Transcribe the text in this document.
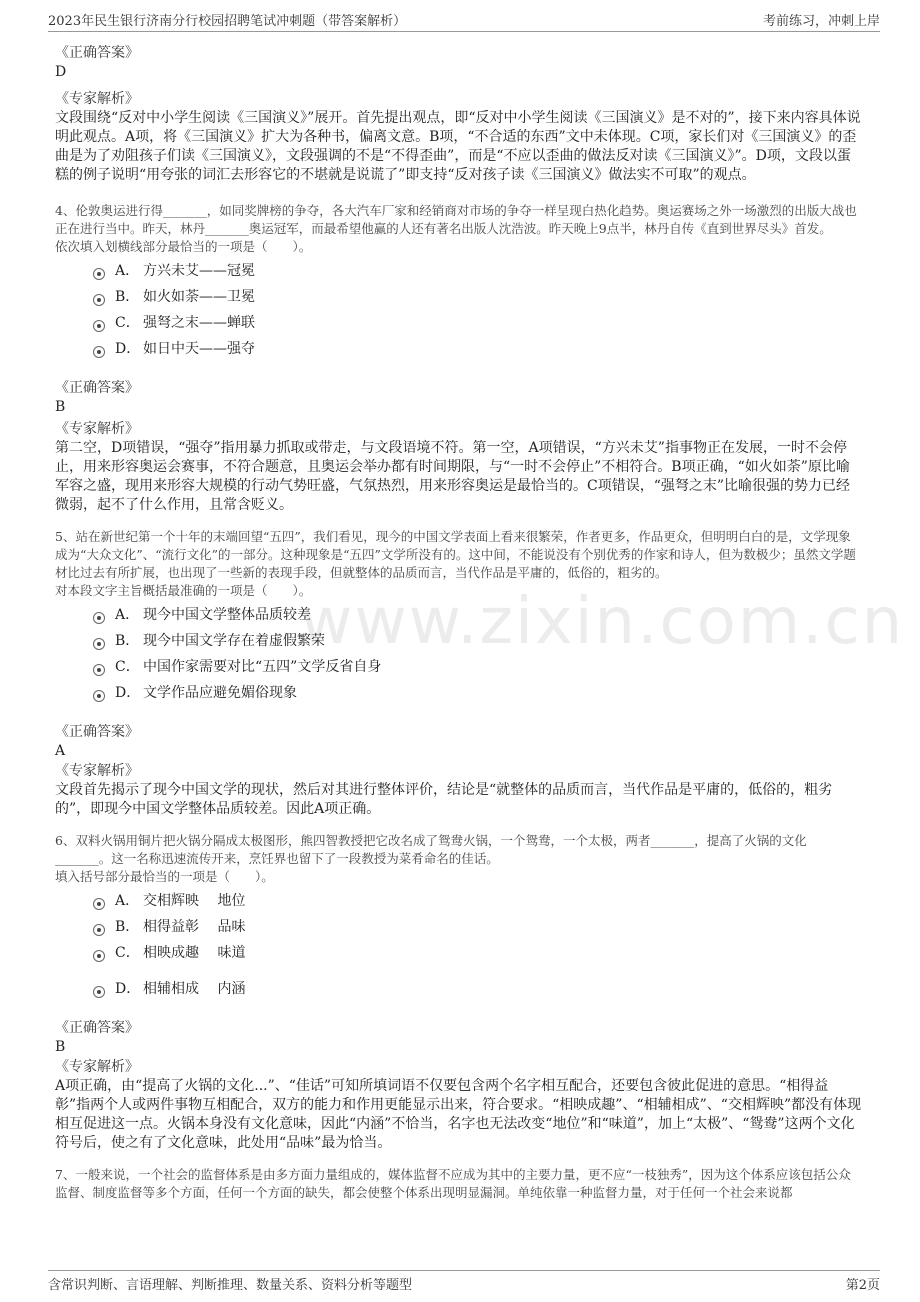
2023年民生银行济南分行校园招聘笔试冲刺题（带答案解析）	考前练习，冲刺上岸
www.zixin.com.cn
《正确答案》
D
《专家解析》
文段围绕“反对中小学生阅读《三国演义》”展开。首先提出观点，即“反对中小学生阅读《三国演义》是不对的”，接下来内容具体说明此观点。A项，将《三国演义》扩大为各种书，偏离文意。B项，“不合适的东西”文中未体现。C项，家长们对《三国演义》的歪曲是为了劝阻孩子们读《三国演义》，文段强调的不是“不得歪曲”，而是“不应以歪曲的做法反对读《三国演义》”。D项，文段以蛋糕的例子说明“用夸张的词汇去形容它的不堪就是说谎了”即支持“反对孩子读《三国演义》做法实不可取”的观点。
4、伦敦奥运进行得_______，如同奖牌榜的争夺，各大汽车厂家和经销商对市场的争夺一样呈现白热化趋势。奥运赛场之外一场激烈的出版大战也正在进行当中。昨天，林丹_______奥运冠军，而最希望他赢的人还有著名出版人沈浩波。昨天晚上9点半，林丹自传《直到世界尽头》首发。
依次填入划横线部分最恰当的一项是（　　）。
A． 方兴未艾——冠冕
B． 如火如荼——卫冕
C． 强弩之末——蝉联
D． 如日中天——强夺
《正确答案》
B
《专家解析》
第二空，D项错误，“强夺”指用暴力抓取或带走，与文段语境不符。第一空，A项错误，“方兴未艾”指事物正在发展，一时不会停止，用来形容奥运会赛事，不符合题意，且奥运会举办都有时间期限，与“一时不会停止”不相符合。B项正确，“如火如荼”原比喻军容之盛，现用来形容大规模的行动气势旺盛，气氛热烈，用来形容奥运是最恰当的。C项错误，“强弩之末”比喻很强的势力已经微弱，起不了什么作用，且常含贬义。
5、站在新世纪第一个十年的末端回望“五四”，我们看见，现今的中国文学表面上看来很繁荣，作者更多，作品更众，但明明白白的是，文学现象成为“大众文化”、“流行文化”的一部分。这种现象是“五四”文学所没有的。这中间，不能说没有个别优秀的作家和诗人，但为数极少；虽然文学题材比过去有所扩展，也出现了一些新的表现手段，但就整体的品质而言，当代作品是平庸的，低俗的，粗劣的。
对本段文字主旨概括最准确的一项是（　　）。
A． 现今中国文学整体品质较差
B． 现今中国文学存在着虚假繁荣
C． 中国作家需要对比“五四”文学反省自身
D． 文学作品应避免媚俗现象
《正确答案》
A
《专家解析》
文段首先揭示了现今中国文学的现状，然后对其进行整体评价，结论是“就整体的品质而言，当代作品是平庸的，低俗的，粗劣的”，即现今中国文学整体品质较差。因此A项正确。
6、双料火锅用铜片把火锅分隔成太极图形，熊四智教授把它改名成了鸳鸯火锅，一个鸳鸯，一个太极，两者_______，提高了火锅的文化_______。这一名称迅速流传开来，烹饪界也留下了一段教授为菜肴命名的佳话。
填入括号部分最恰当的一项是（　　）。
A． 交相辉映　 地位
B． 相得益彰　 品味
C． 相映成趣　 味道
D． 相辅相成　 内涵
《正确答案》
B
《专家解析》
A项正确，由“提高了火锅的文化...”、“佳话”可知所填词语不仅要包含两个名字相互配合，还要包含彼此促进的意思。“相得益彰”指两个人或两件事物互相配合，双方的能力和作用更能显示出来，符合要求。“相映成趣”、“相辅相成”、“交相辉映”都没有体现相互促进这一点。火锅本身没有文化意味，因此“内涵”不恰当，名字也无法改变“地位”和“味道”，加上“太极”、“鸳鸯”这两个文化符号后，使之有了文化意味，此处用“品味”最为恰当。
7、一般来说，一个社会的监督体系是由多方面力量组成的，媒体监督不应成为其中的主要力量，更不应“一枝独秀”，因为这个体系应该包括公众监督、制度监督等多个方面，任何一个方面的缺失，都会使整个体系出现明显漏洞。单纯依靠一种监督力量，对于任何一个社会来说都
含常识判断、言语理解、判断推理、数量关系、资料分析等题型	第2页
